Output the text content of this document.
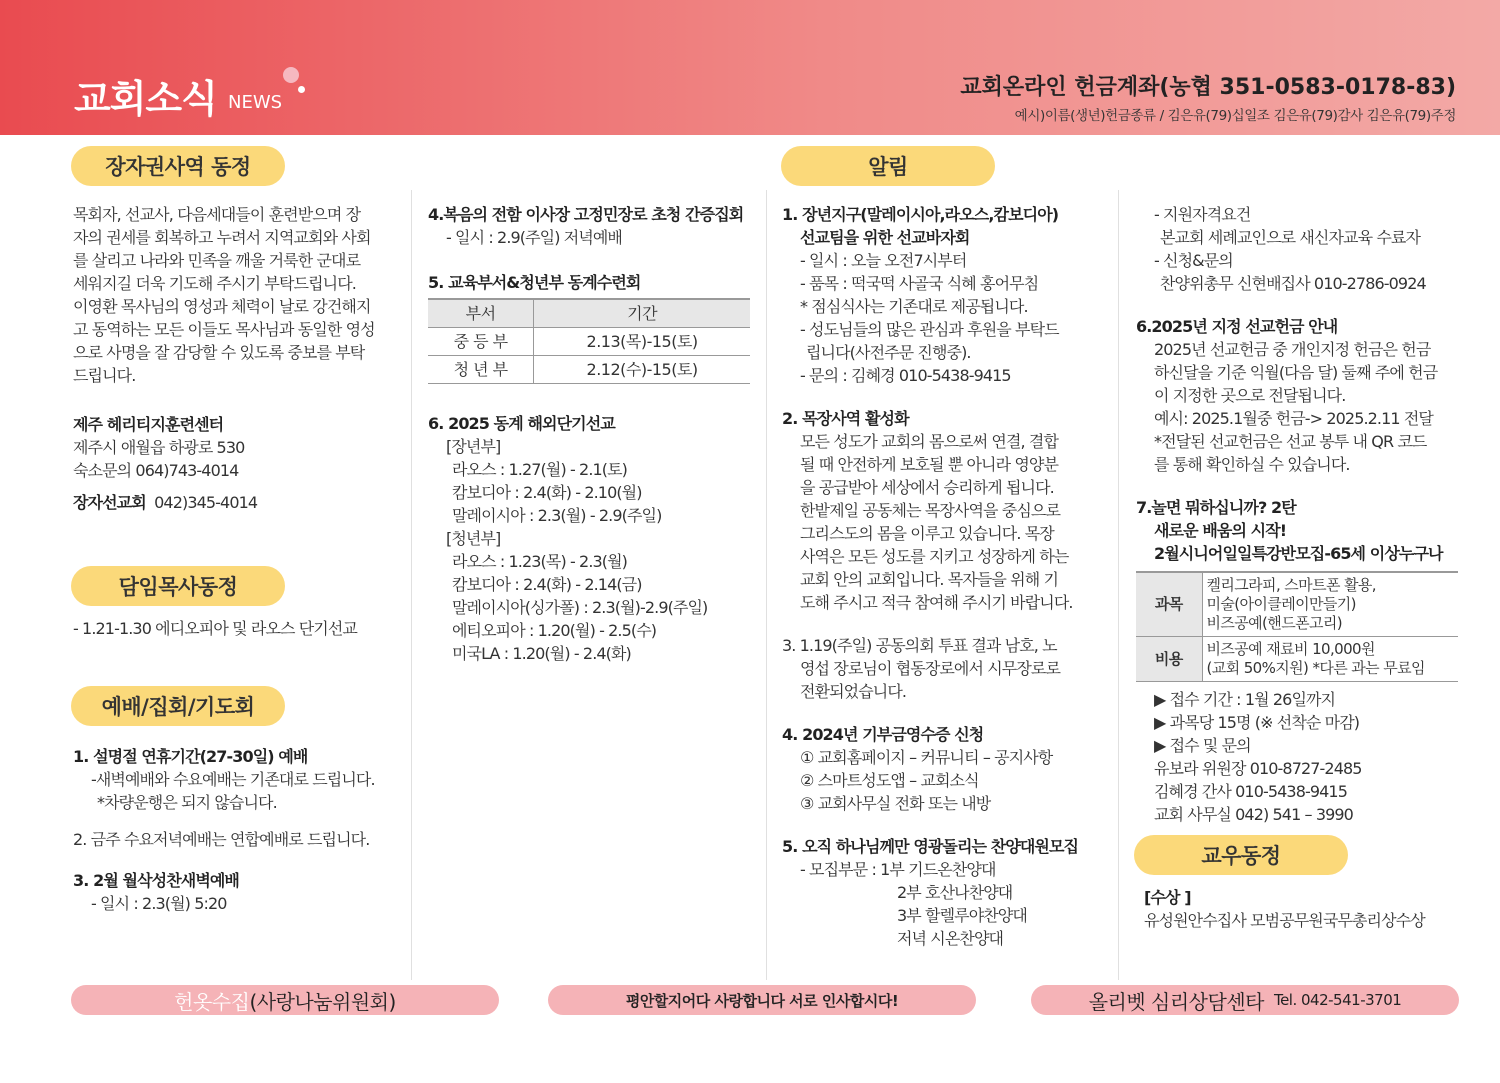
교회소식 NEWS
교회온라인 헌금계좌(농협 351-0583-0178-83)
예시)이름(생년)헌금종류 / 김은유(79)십일조 김은유(79)감사 김은유(79)주정
장자권사역 동정
담임목사동정
예배/집회/기도회
알림
교우동정
목회자, 선교사, 다음세대들이 훈련받으며 장
자의 권세를 회복하고 누려서 지역교회와 사회
를 살리고 나라와 민족을 깨울 거룩한 군대로
세워지길 더욱 기도해 주시기 부탁드립니다.
이영환 목사님의 영성과 체력이 날로 강건해지
고 동역하는 모든 이들도 목사님과 동일한 영성
으로 사명을 잘 감당할 수 있도록 중보를 부탁
드립니다.
제주 헤리티지훈련센터
제주시 애월읍 하광로 530
숙소문의 064)743-4014
장자선교회 042)345-4014
- 1.21-1.30 에디오피아 및 라오스 단기선교
1. 설명절 연휴기간(27-30일) 예배
-새벽예배와 수요예배는 기존대로 드립니다.
*차량운행은 되지 않습니다.
2. 금주 수요저녁예배는 연합예배로 드립니다.
3. 2월 월삭성찬새벽예배
- 일시 : 2.3(월) 5:20
4.복음의 전함 이사장 고정민장로 초청 간증집회
- 일시 : 2.9(주일) 저녁예배
5. 교육부서&청년부 동계수련회
부서	기간
중 등 부	2.13(목)-15(토)
청 년 부	2.12(수)-15(토)
6. 2025 동계 해외단기선교
[장년부]
라오스 : 1.27(월) - 2.1(토)
캄보디아 : 2.4(화) - 2.10(월)
말레이시아 : 2.3(월) - 2.9(주일)
[청년부]
라오스 : 1.23(목) - 2.3(월)
캄보디아 : 2.4(화) - 2.14(금)
말레이시아(싱가폴) : 2.3(월)-2.9(주일)
에티오피아 : 1.20(월) - 2.5(수)
미국LA : 1.20(월) - 2.4(화)
1. 장년지구(말레이시아,라오스,캄보디아)
선교팀을 위한 선교바자회
- 일시 : 오늘 오전7시부터
- 품목 : 떡국떡 사골국 식혜 홍어무침
* 점심식사는 기존대로 제공됩니다.
- 성도님들의 많은 관심과 후원을 부탁드
립니다(사전주문 진행중).
- 문의 : 김혜경 010-5438-9415
2. 목장사역 활성화
모든 성도가 교회의 몸으로써 연결, 결합
될 때 안전하게 보호될 뿐 아니라 영양분
을 공급받아 세상에서 승리하게 됩니다.
한밭제일 공동체는 목장사역을 중심으로
그리스도의 몸을 이루고 있습니다. 목장
사역은 모든 성도를 지키고 성장하게 하는
교회 안의 교회입니다. 목자들을 위해 기
도해 주시고 적극 참여해 주시기 바랍니다.
3. 1.19(주일) 공동의회 투표 결과 남호, 노
영섭 장로님이 협동장로에서 시무장로로
전환되었습니다.
4. 2024년 기부금영수증 신청
① 교회홈페이지 – 커뮤니티 – 공지사항
② 스마트성도앱 – 교회소식
③ 교회사무실 전화 또는 내방
5. 오직 하나님께만 영광돌리는 찬양대원모집
- 모집부문 : 1부 기드온찬양대
2부 호산나찬양대
3부 할렐루야찬양대
저녁 시온찬양대
- 지원자격요건
본교회 세례교인으로 새신자교육 수료자
- 신청&문의
찬양위총무 신현배집사 010-2786-0924
6.2025년 지정 선교헌금 안내
2025년 선교헌금 중 개인지정 헌금은 헌금
하신달을 기준 익월(다음 달) 둘째 주에 헌금
이 지정한 곳으로 전달됩니다.
예시: 2025.1월중 헌금-> 2025.2.11 전달
*전달된 선교헌금은 선교 봉투 내 QR 코드
를 통해 확인하실 수 있습니다.
7.놀면 뭐하십니까? 2탄
새로운 배움의 시작!
2월시니어일일특강반모집-65세 이상누구나
과목	켈리그라피, 스마트폰 활용,
미술(아이클레이만들기)
비즈공예(핸드폰고리)

비용	비즈공예 재료비 10,000원
(교회 50%지원) *다른 과는 무료임
▶ 접수 기간 : 1월 26일까지
▶ 과목당 15명 (※ 선착순 마감)
▶ 접수 및 문의
유보라 위원장 010-8727-2485
김혜경 간사 010-5438-9415
교회 사무실 042) 541 – 3990
[수상 ]
유성원안수집사 모범공무원국무총리상수상
헌옷수집 (사랑나눔위원회)	평안할지어다 사랑합니다 서로 인사합시다!	올리벳 심리상담센타 Tel. 042-541-3701
